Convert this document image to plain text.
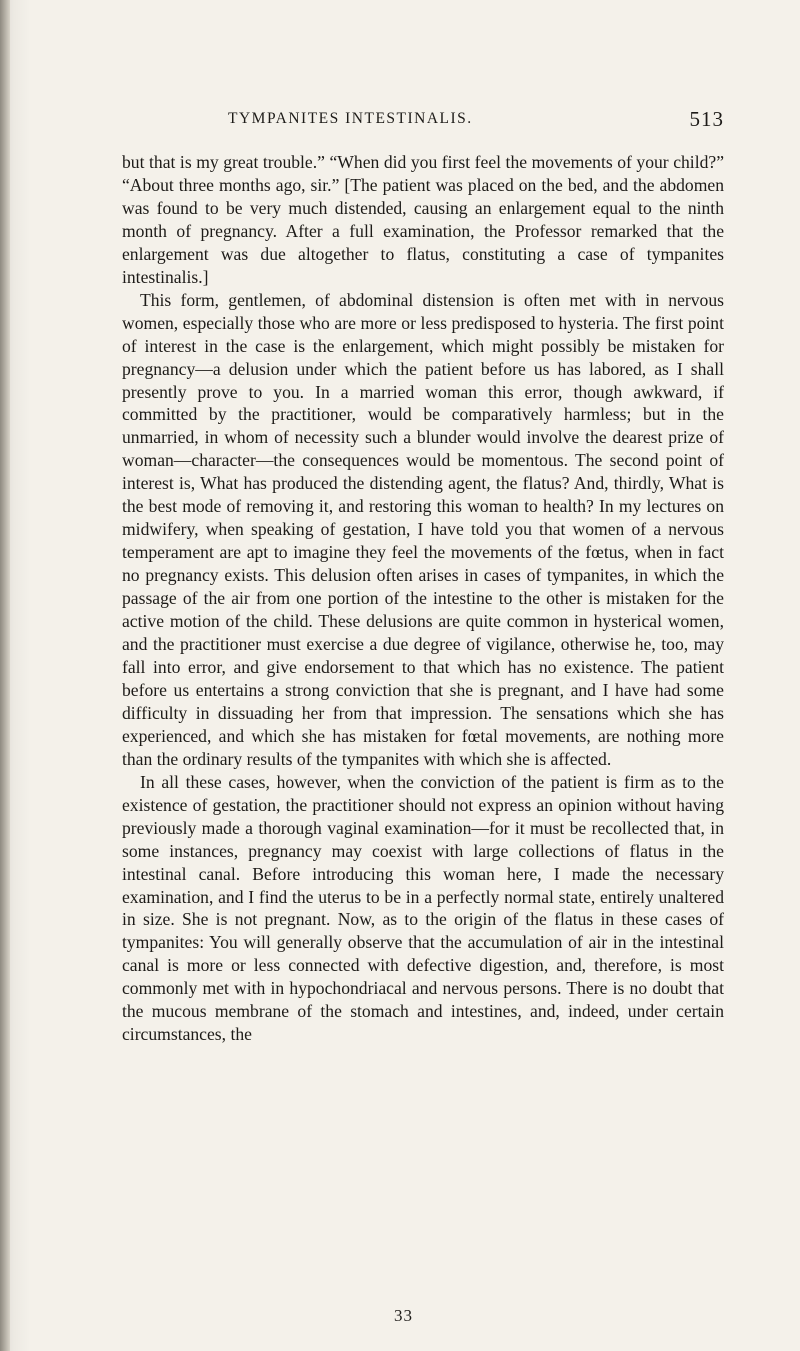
TYMPANITES INTESTINALIS.	513

but that is my great trouble.” “When did you first feel the movements of your child?” “About three months ago, sir.” [The patient was placed on the bed, and the abdomen was found to be very much distended, causing an enlargement equal to the ninth month of pregnancy. After a full examination, the Professor remarked that the enlargement was due altogether to flatus, constituting a case of tympanites intestinalis.]

This form, gentlemen, of abdominal distension is often met with in nervous women, especially those who are more or less predisposed to hysteria. The first point of interest in the case is the enlargement, which might possibly be mistaken for pregnancy—a delusion under which the patient before us has labored, as I shall presently prove to you. In a married woman this error, though awkward, if committed by the practitioner, would be comparatively harmless; but in the unmarried, in whom of necessity such a blunder would involve the dearest prize of woman—character—the consequences would be momentous. The second point of interest is, What has produced the distending agent, the flatus? And, thirdly, What is the best mode of removing it, and restoring this woman to health? In my lectures on midwifery, when speaking of gestation, I have told you that women of a nervous temperament are apt to imagine they feel the movements of the fœtus, when in fact no pregnancy exists. This delusion often arises in cases of tympanites, in which the passage of the air from one portion of the intestine to the other is mistaken for the active motion of the child. These delusions are quite common in hysterical women, and the practitioner must exercise a due degree of vigilance, otherwise he, too, may fall into error, and give endorsement to that which has no existence. The patient before us entertains a strong conviction that she is pregnant, and I have had some difficulty in dissuading her from that impression. The sensations which she has experienced, and which she has mistaken for fœtal movements, are nothing more than the ordinary results of the tympanites with which she is affected.

In all these cases, however, when the conviction of the patient is firm as to the existence of gestation, the practitioner should not express an opinion without having previously made a thorough vaginal examination—for it must be recollected that, in some instances, pregnancy may coexist with large collections of flatus in the intestinal canal. Before introducing this woman here, I made the necessary examination, and I find the uterus to be in a perfectly normal state, entirely unaltered in size. She is not pregnant. Now, as to the origin of the flatus in these cases of tympanites: You will generally observe that the accumulation of air in the intestinal canal is more or less connected with defective digestion, and, therefore, is most commonly met with in hypochondriacal and nervous persons. There is no doubt that the mucous membrane of the stomach and intestines, and, indeed, under certain circumstances, the

33
